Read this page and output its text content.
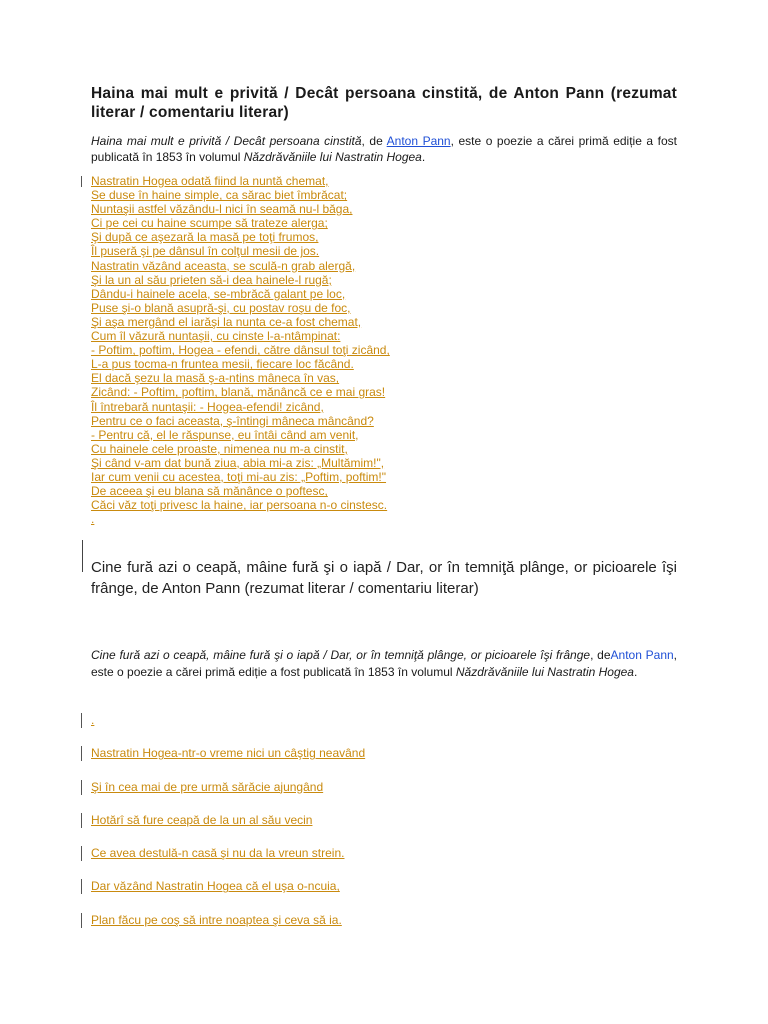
Haina mai mult e privită / Decât persoana cinstită, de Anton Pann (rezumat literar / comentariu literar)
Haina mai mult e privită / Decât persoana cinstită, de Anton Pann, este o poezie a cărei primă ediție a fost publicată în 1853 în volumul Năzdrăvăniile lui Nastratin Hogea.
Nastratin Hogea odată fiind la nuntă chemat,
Se duse în haine simple, ca sărac biet îmbrăcat;
Nuntaşii astfel văzându-l nici în seamă nu-l băga,
Ci pe cei cu haine scumpe să trateze alerga;
Şi după ce aşezară la masă pe toţi frumos,
Îl puseră şi pe dânsul în colţul mesii de jos.
Nastratin văzând aceasta, se sculă-n grab alergă,
Şi la un al său prieten să-i dea hainele-l rugă;
Dându-i hainele acela, se-mbrăcă galant pe loc,
Puse şi-o blană asupră-şi, cu postav roşu de foc,
Şi aşa mergând el iarăşi la nunta ce-a fost chemat,
Cum îl văzură nuntaşii, cu cinste l-a-ntâmpinat:
- Poftim, poftim, Hogea - efendi, către dânsul toţi zicând,
L-a pus tocma-n fruntea mesii, fiecare loc făcând.
El dacă şezu la masă ş-a-ntins mâneca în vas,
Zicând: - Poftim, poftim, blană, mănâncă ce e mai gras!
Îl întrebară nuntaşii: - Hogea-efendi! zicând,
Pentru ce o faci aceasta, ş-întingi mâneca mâncând?
- Pentru că, el le răspunse, eu întâi când am venit,
Cu hainele cele proaste, nimenea nu m-a cinstit,
Şi când v-am dat bună ziua, abia mi-a zis: „Multămim!",
Iar cum venii cu acestea, toţi mi-au zis: „Poftim, poftim!"
De aceea şi eu blana să mănânce o poftesc,
Căci văz toţi privesc la haine, iar persoana n-o cinstesc.
.
Cine fură azi o ceapă, mâine fură şi o iapă / Dar, or în temniţă plânge, or picioarele îşi frânge, de Anton Pann (rezumat literar / comentariu literar)
Cine fură azi o ceapă, mâine fură şi o iapă / Dar, or în temniţă plânge, or picioarele îşi frânge, deAnton Pann, este o poezie a cărei primă ediție a fost publicată în 1853 în volumul Năzdrăvăniile lui Nastratin Hogea.
.
Nastratin Hogea-ntr-o vreme nici un câştig neavând
Şi în cea mai de pre urmă sărăcie ajungând
Hotărî să fure ceapă de la un al său vecin
Ce avea destulă-n casă şi nu da la vreun strein.
Dar văzând Nastratin Hogea că el uşa o-ncuia,
Plan făcu pe coş să intre noaptea şi ceva să ia.
